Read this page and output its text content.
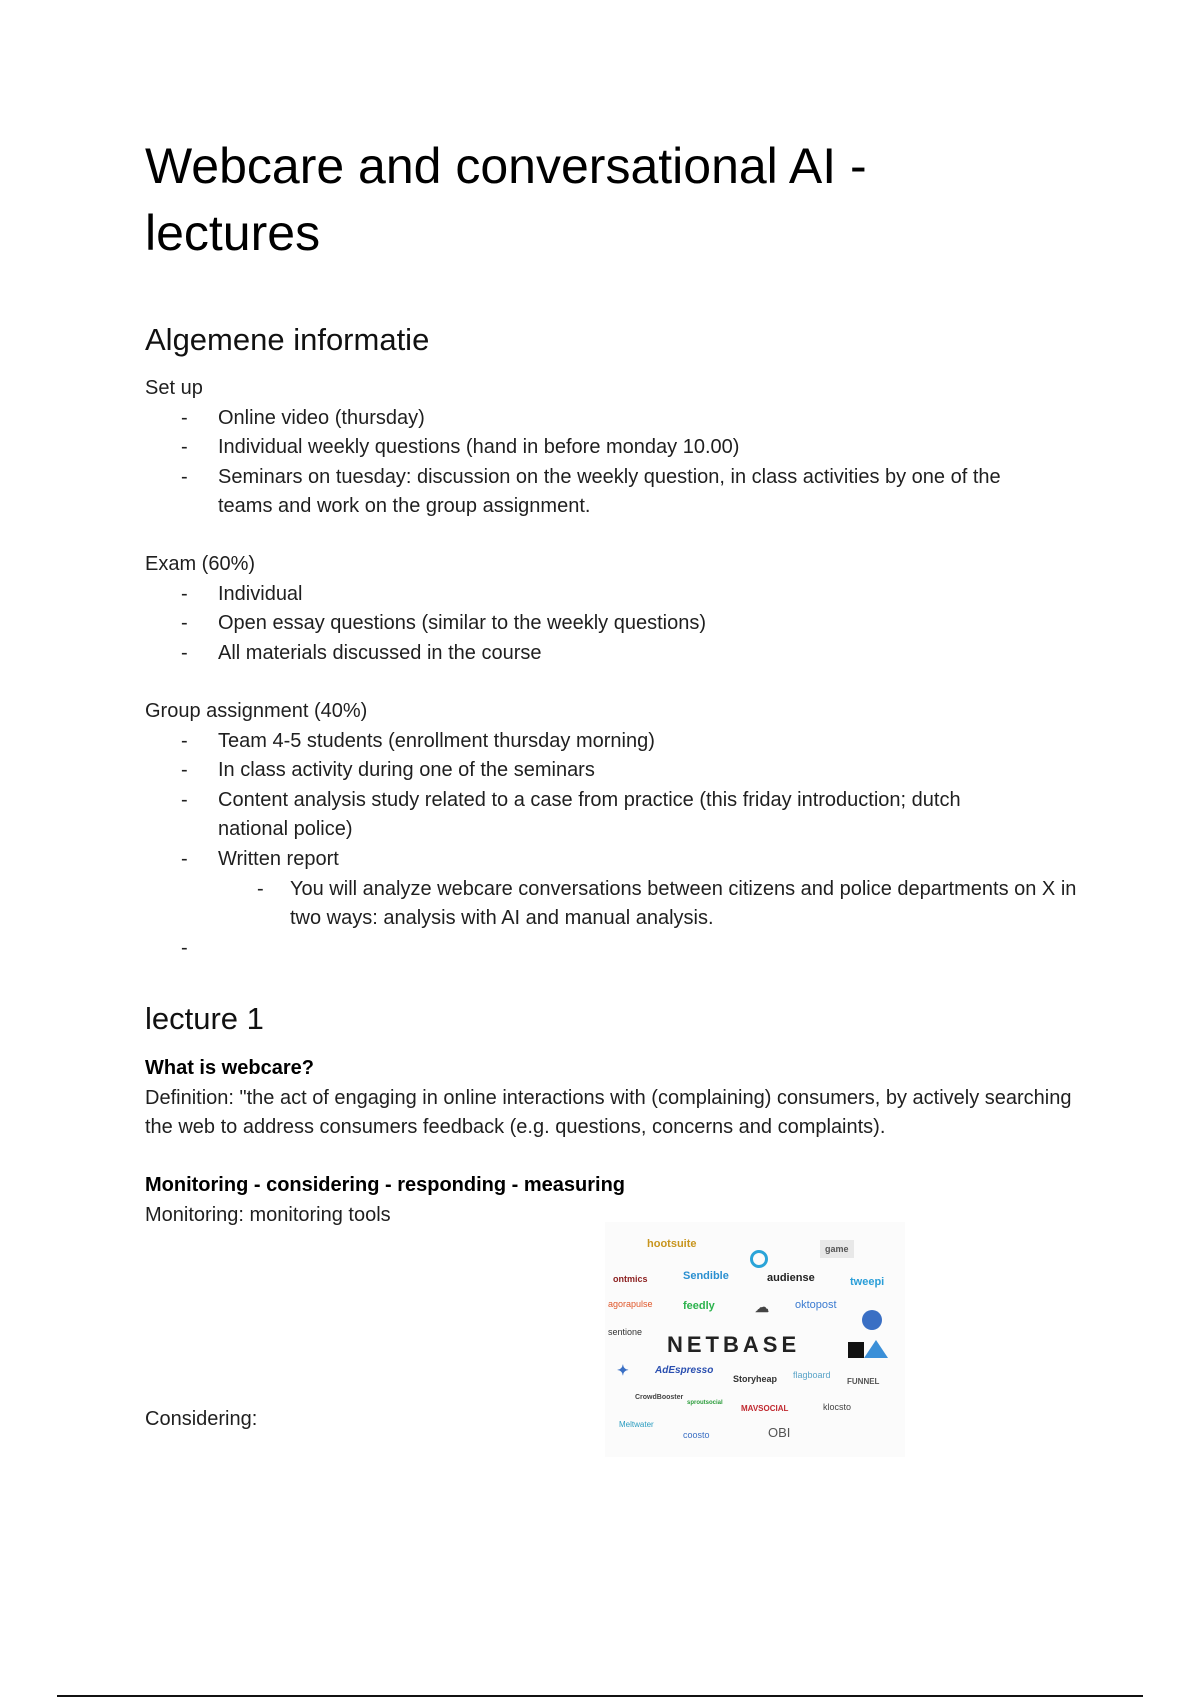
Webcare and conversational AI -
lectures
Algemene informatie
Set up
- Online video (thursday)
- Individual weekly questions (hand in before monday 10.00)
- Seminars on tuesday: discussion on the weekly question, in class activities by one of the teams and work on the group assignment.
Exam (60%)
- Individual
- Open essay questions (similar to the weekly questions)
- All materials discussed in the course
Group assignment (40%)
- Team 4-5 students (enrollment thursday morning)
- In class activity during one of the seminars
- Content analysis study related to a case from practice (this friday introduction; dutch national police)
- Written report
- You will analyze webcare conversations between citizens and police departments on X in two ways: analysis with AI and manual analysis.
-
lecture 1
What is webcare?
Definition: "the act of engaging in online interactions with (complaining) consumers, by actively searching the web to address consumers feedback (e.g. questions, concerns and complaints).
Monitoring - considering - responding - measuring
Monitoring: monitoring tools
Considering:
hootsuite	game
ontmics	Sendible	audiense	tweepi
agorapulse	feedly	☁ oktopost
sentione NETBASE
✦	AdEspresso
Storyheap flagboard
FUNNEL
CrowdBooster
sproutsocial
MAVSOCIAL	klocsto
Meltwater
coosto	OBI
